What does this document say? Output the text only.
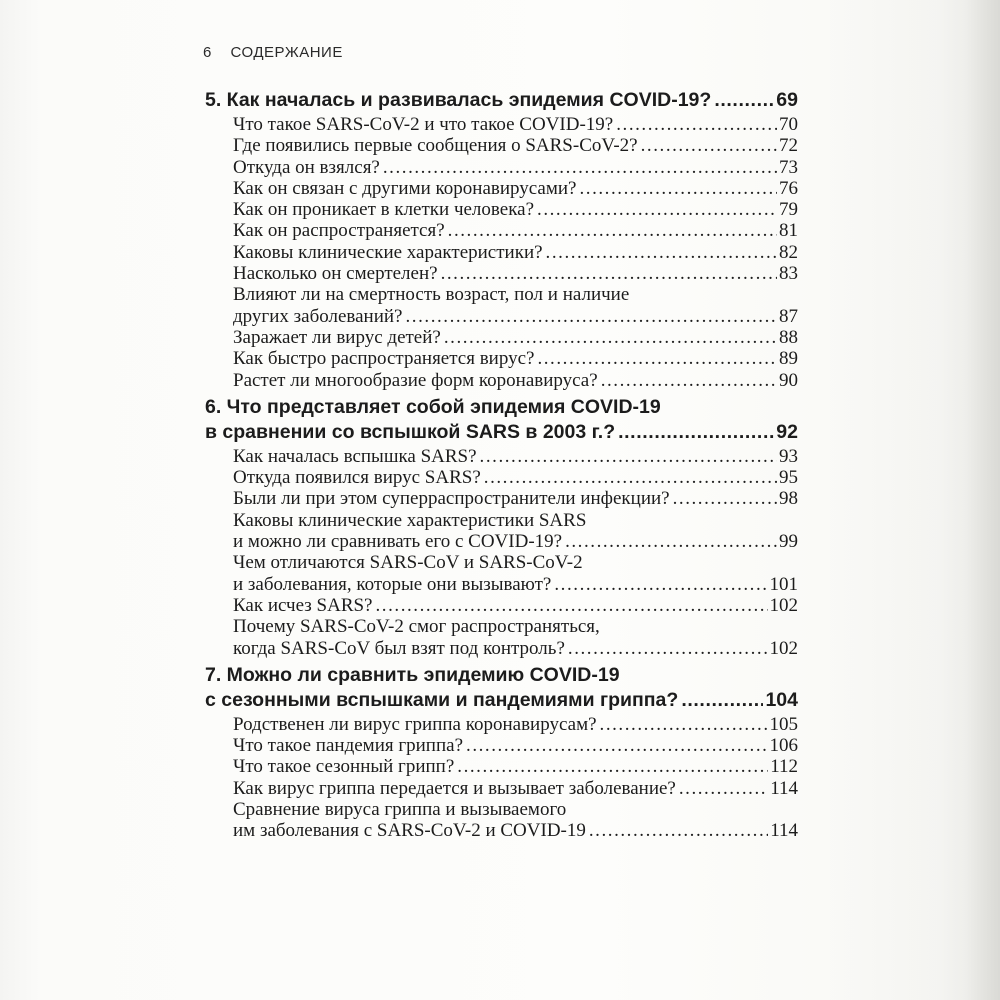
6 СОДЕРЖАНИЕ
5. Как началась и развивалась эпидемия COVID-19? . . .	69
Что такое SARS-CoV-2 и что такое COVID-19? . . .	70
Где появились первые сообщения о SARS-CoV-2? . . .	72
Откуда он взялся? . . .	73
Как он связан с другими коронавирусами? . . .	76
Как он проникает в клетки человека? . . .	79
Как он распространяется? . . .	81
Каковы клинические характеристики? . . .	82
Насколько он смертелен? . . .	83
Влияют ли на смертность возраст, пол и наличие
других заболеваний? . . .	87
Заражает ли вирус детей? . . .	88
Как быстро распространяется вирус? . . .	89
Растет ли многообразие форм коронавируса? . . .	90
6. Что представляет собой эпидемия COVID-19
в сравнении со вспышкой SARS в 2003 г.? . . .	92
Как началась вспышка SARS? . . .	93
Откуда появился вирус SARS? . . .	95
Были ли при этом суперраспространители инфекции? . . .	98
Каковы клинические характеристики SARS
и можно ли сравнивать его с COVID-19? . . .	99
Чем отличаются SARS-CoV и SARS-CoV-2
и заболевания, которые они вызывают? . . .	101
Как исчез SARS? . . .	102
Почему SARS-CoV-2 смог распространяться,
когда SARS-CoV был взят под контроль? . . .	102
7. Можно ли сравнить эпидемию COVID-19
с сезонными вспышками и пандемиями гриппа? . . .	104
Родственен ли вирус гриппа коронавирусам? . . .	105
Что такое пандемия гриппа? . . .	106
Что такое сезонный грипп? . . .	112
Как вирус гриппа передается и вызывает заболевание? . . .	114
Сравнение вируса гриппа и вызываемого
им заболевания с SARS-CoV-2 и COVID-19 . . .	114
